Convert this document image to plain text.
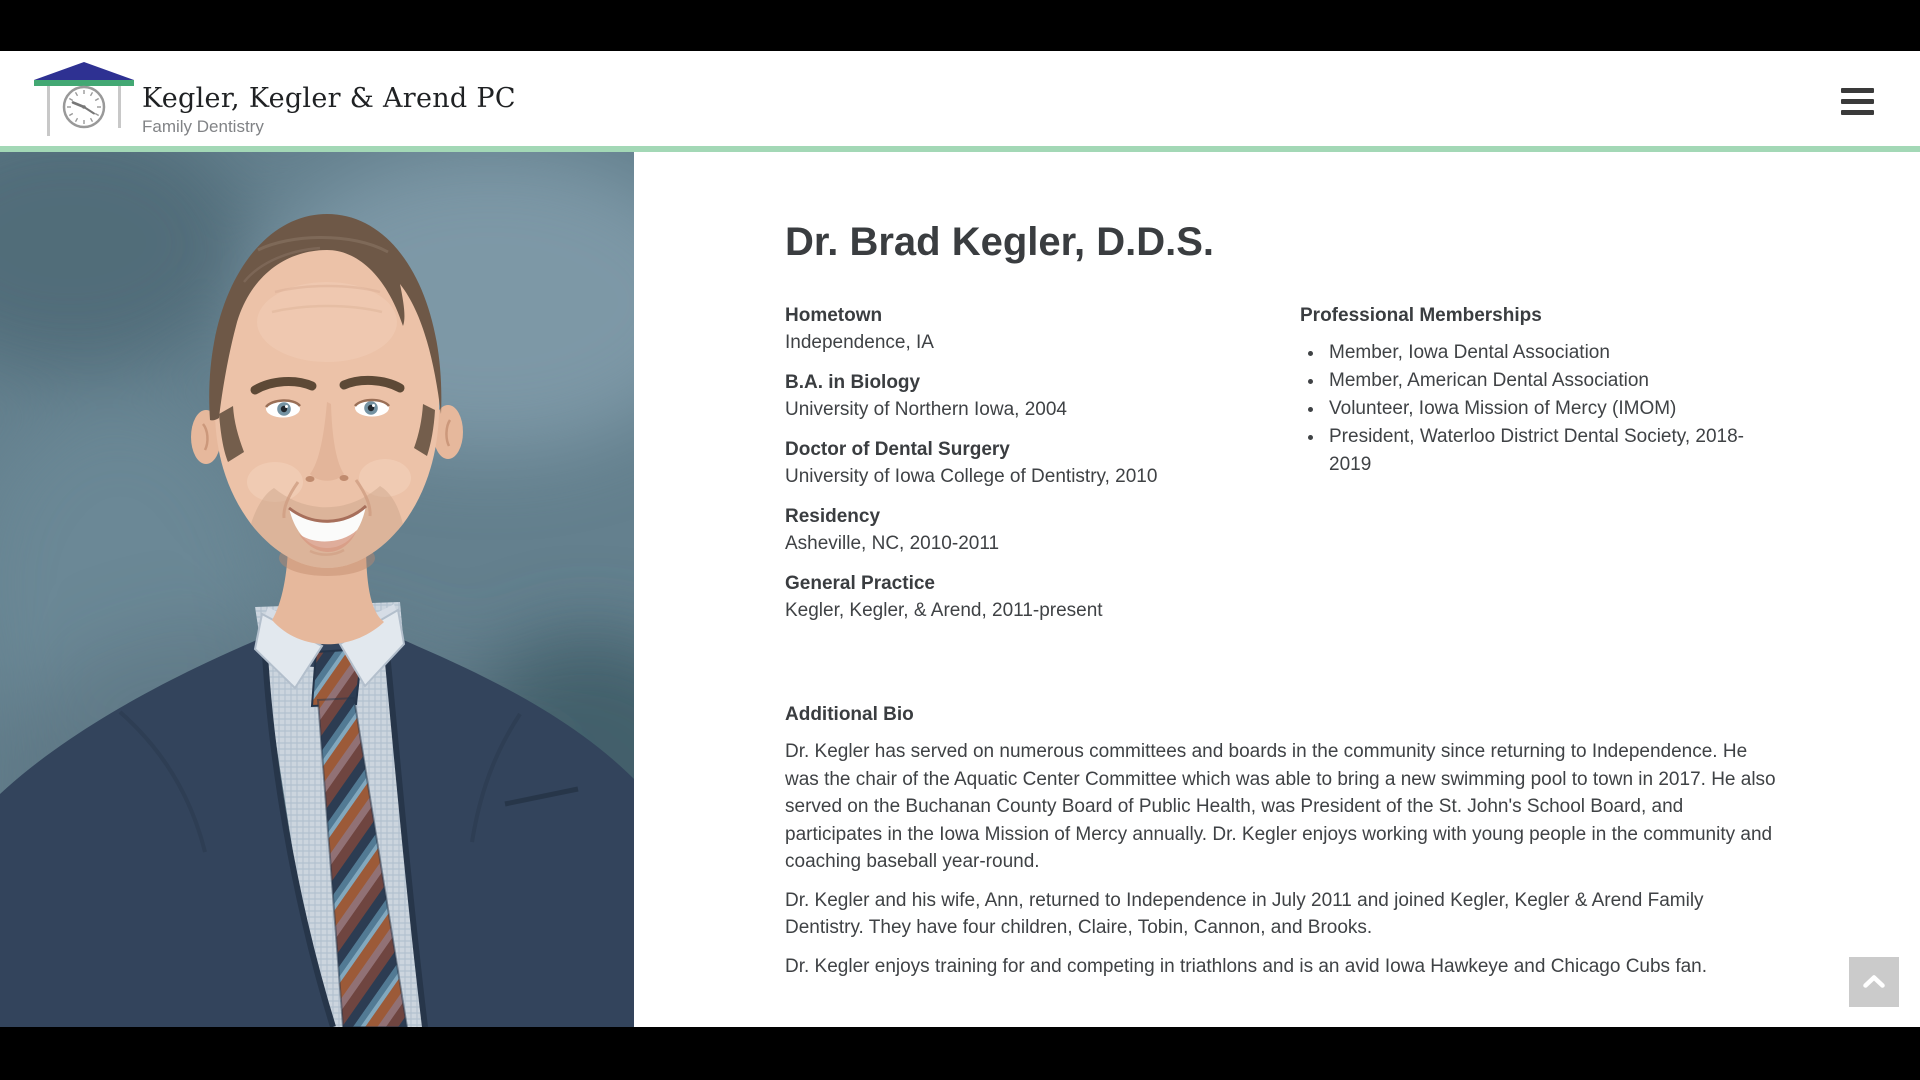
Kegler, Kegler & Arend PC
Family Dentistry
Dr. Brad Kegler, D.D.S.
Hometown
Independence, IA
B.A. in Biology
University of Northern Iowa, 2004
Doctor of Dental Surgery
University of Iowa College of Dentistry, 2010
Residency
Asheville, NC, 2010-2011
General Practice
Kegler, Kegler, & Arend, 2011-present
Professional Memberships
• Member, Iowa Dental Association
• Member, American Dental Association
• Volunteer, Iowa Mission of Mercy (IMOM)
• President, Waterloo District Dental Society, 2018-2019
Additional Bio

Dr. Kegler has served on numerous committees and boards in the community since returning to Independence. He was the chair of the Aquatic Center Committee which was able to bring a new swimming pool to town in 2017. He also served on the Buchanan County Board of Public Health, was President of the St. John's School Board, and participates in the Iowa Mission of Mercy annually. Dr. Kegler enjoys working with young people in the community and coaching baseball year-round.

Dr. Kegler and his wife, Ann, returned to Independence in July 2011 and joined Kegler, Kegler & Arend Family Dentistry. They have four children, Claire, Tobin, Cannon, and Brooks.

Dr. Kegler enjoys training for and competing in triathlons and is an avid Iowa Hawkeye and Chicago Cubs fan.
